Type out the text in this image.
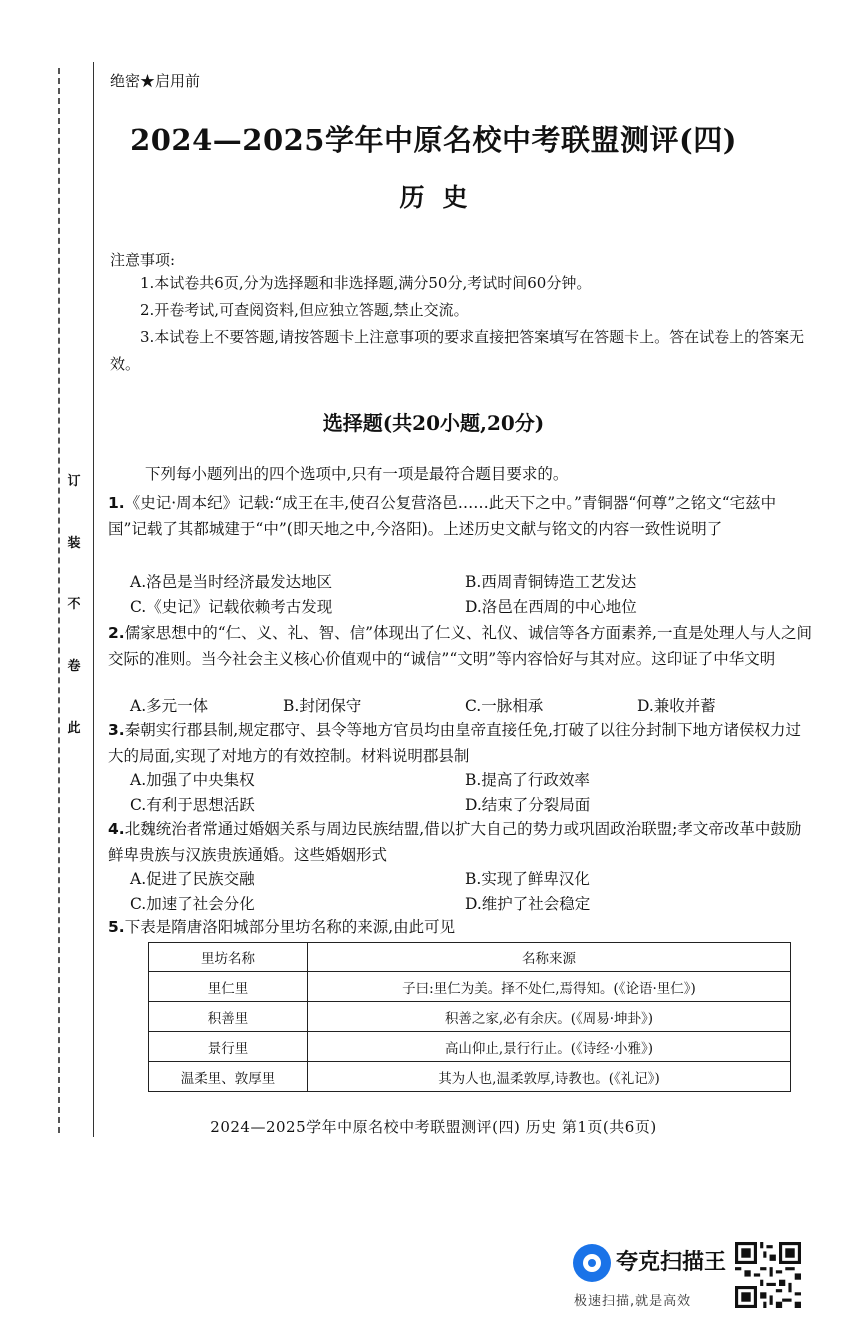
订
装
不
卷
此
绝密★启用前
2024—2025学年中原名校中考联盟测评(四)
历史
注意事项:
1.本试卷共6页,分为选择题和非选择题,满分50分,考试时间60分钟。
2.开卷考试,可查阅资料,但应独立答题,禁止交流。
3.本试卷上不要答题,请按答题卡上注意事项的要求直接把答案填写在答题卡上。答在试卷上的答案无效。
选择题(共20小题,20分)
下列每小题列出的四个选项中,只有一项是最符合题目要求的。
1.《史记·周本纪》记载:“成王在丰,使召公复营洛邑……此天下之中。”青铜器“何尊”之铭文“宅兹中国”记载了其都城建于“中”(即天地之中,今洛阳)。上述历史文献与铭文的内容一致性说明了
A.洛邑是当时经济最发达地区	B.西周青铜铸造工艺发达
C.《史记》记载依赖考古发现	D.洛邑在西周的中心地位
2.儒家思想中的“仁、义、礼、智、信”体现出了仁义、礼仪、诚信等各方面素养,一直是处理人与人之间交际的准则。当今社会主义核心价值观中的“诚信”“文明”等内容恰好与其对应。这印证了中华文明
A.多元一体	B.封闭保守	C.一脉相承	D.兼收并蓄
3.秦朝实行郡县制,规定郡守、县令等地方官员均由皇帝直接任免,打破了以往分封制下地方诸侯权力过大的局面,实现了对地方的有效控制。材料说明郡县制
A.加强了中央集权	B.提高了行政效率
C.有利于思想活跃	D.结束了分裂局面
4.北魏统治者常通过婚姻关系与周边民族结盟,借以扩大自己的势力或巩固政治联盟;孝文帝改革中鼓励鲜卑贵族与汉族贵族通婚。这些婚姻形式
A.促进了民族交融	B.实现了鲜卑汉化
C.加速了社会分化	D.维护了社会稳定
5.下表是隋唐洛阳城部分里坊名称的来源,由此可见
里坊名称	名称来源
里仁里	子曰:里仁为美。择不处仁,焉得知。(《论语·里仁》)
积善里	积善之家,必有余庆。(《周易·坤卦》)
景行里	高山仰止,景行行止。(《诗经·小雅》)
温柔里、敦厚里	其为人也,温柔敦厚,诗教也。(《礼记》)
2024—2025学年中原名校中考联盟测评(四) 历史 第1页(共6页)
夸克扫描王
极速扫描,就是高效
